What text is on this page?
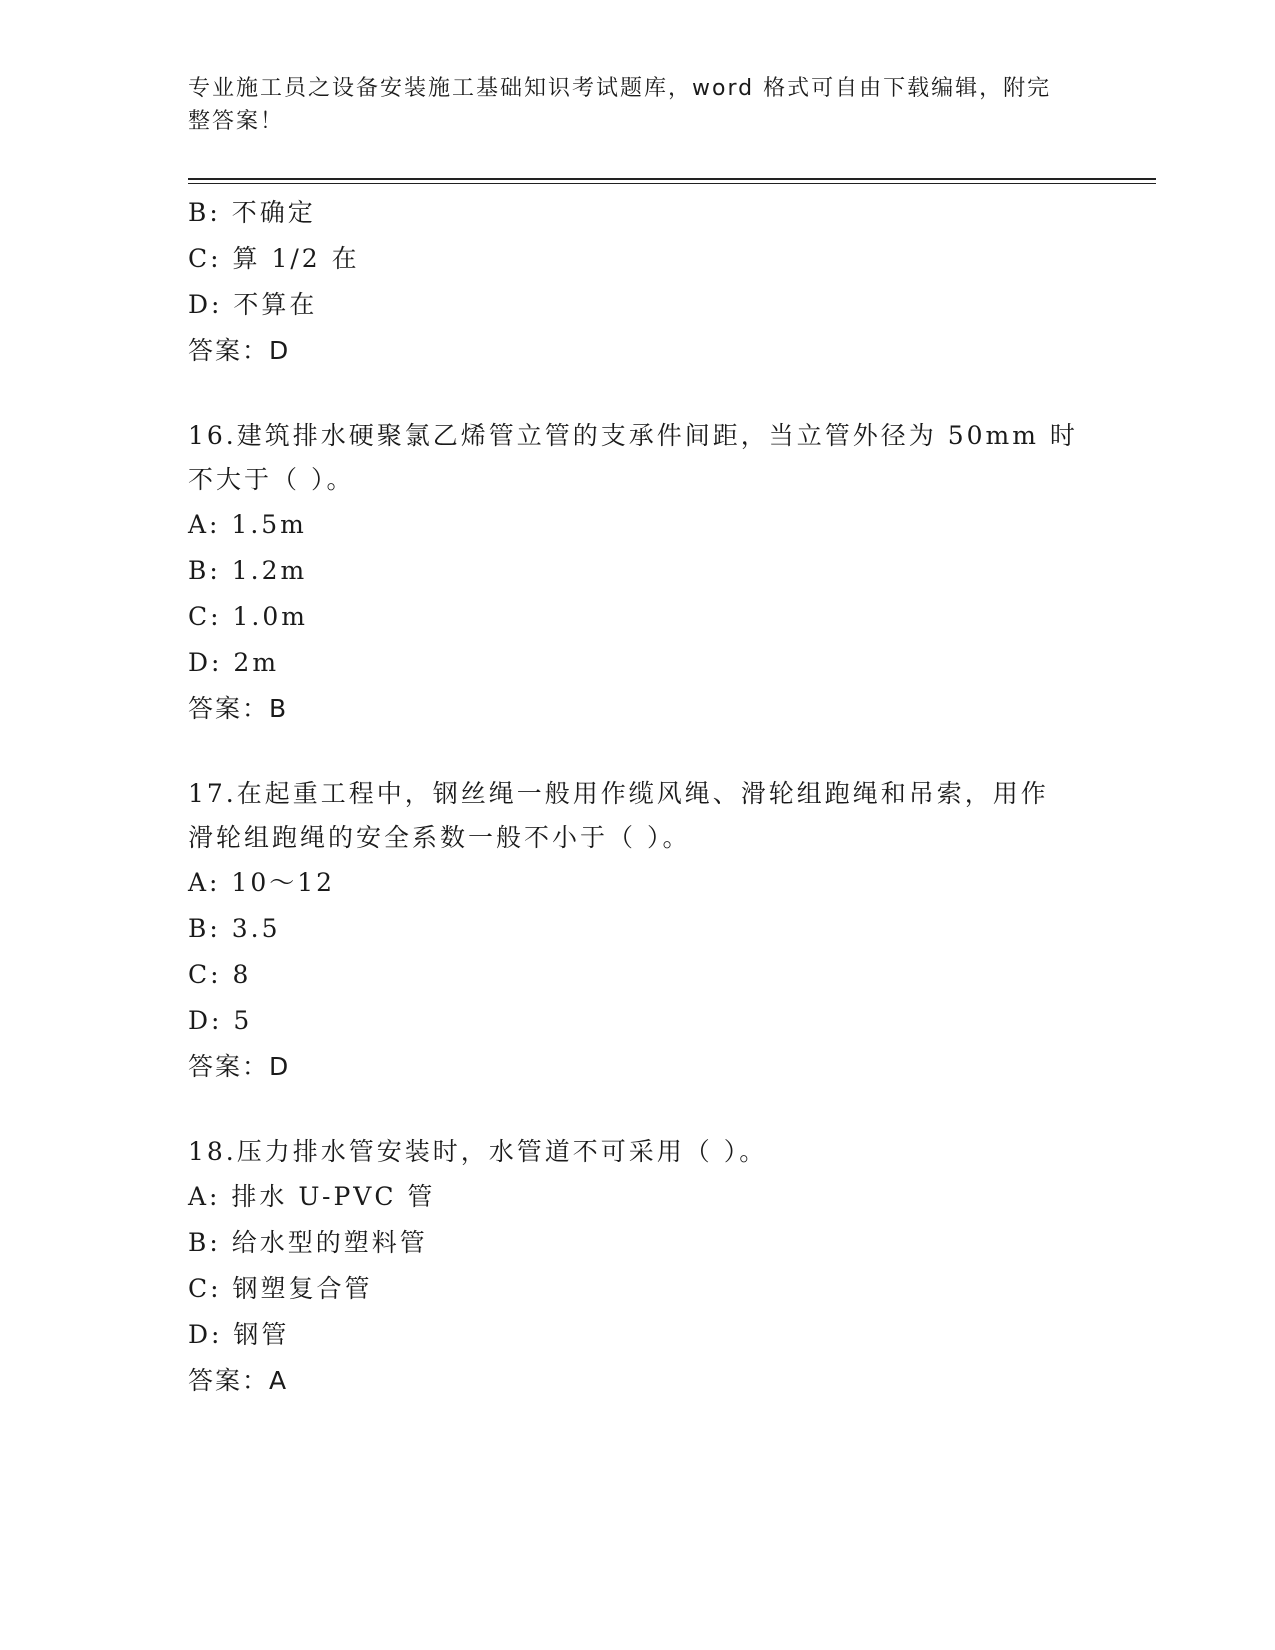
专业施工员之设备安装施工基础知识考试题库，word 格式可自由下载编辑，附完
整答案！
B: 不确定
C: 算 1/2 在
D: 不算在
答案：D
16.建筑排水硬聚氯乙烯管立管的支承件间距，当立管外径为 50mm 时
不大于（ ）。
A: 1.5m
B: 1.2m
C: 1.0m
D: 2m
答案：B
17.在起重工程中，钢丝绳一般用作缆风绳、滑轮组跑绳和吊索，用作
滑轮组跑绳的安全系数一般不小于（ ）。
A: 10～12
B: 3.5
C: 8
D: 5
答案：D
18.压力排水管安装时，水管道不可采用（ ）。
A: 排水 U-PVC 管
B: 给水型的塑料管
C: 钢塑复合管
D: 钢管
答案：A
